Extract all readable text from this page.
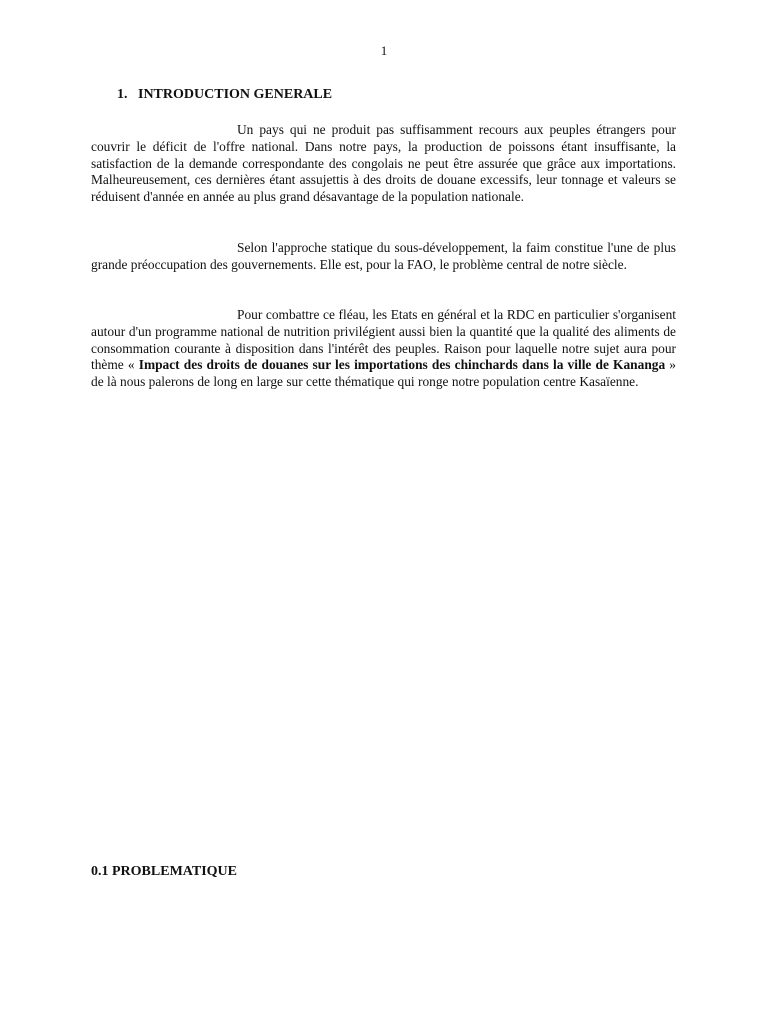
1
1. INTRODUCTION GENERALE

Un pays qui ne produit pas suffisamment recours aux peuples étrangers pour couvrir le déficit de l'offre national. Dans notre pays, la production de poissons étant insuffisante, la satisfaction de la demande correspondante des congolais ne peut être assurée que grâce aux importations. Malheureusement, ces dernières étant assujettis à des droits de douane excessifs, leur tonnage et valeurs se réduisent d'année en année au plus grand désavantage de la population nationale.

Selon l'approche statique du sous-développement, la faim constitue l'une de plus grande préoccupation des gouvernements. Elle est, pour la FAO, le problème central de notre siècle.

Pour combattre ce fléau, les Etats en général et la RDC en particulier s'organisent autour d'un programme national de nutrition privilégient aussi bien la quantité que la qualité des aliments de consommation courante à disposition dans l'intérêt des peuples. Raison pour laquelle notre sujet aura pour thème « Impact des droits de douanes sur les importations des chinchards dans la ville de Kananga » de là nous palerons de long en large sur cette thématique qui ronge notre population centre Kasaïenne.

0.1 PROBLEMATIQUE
